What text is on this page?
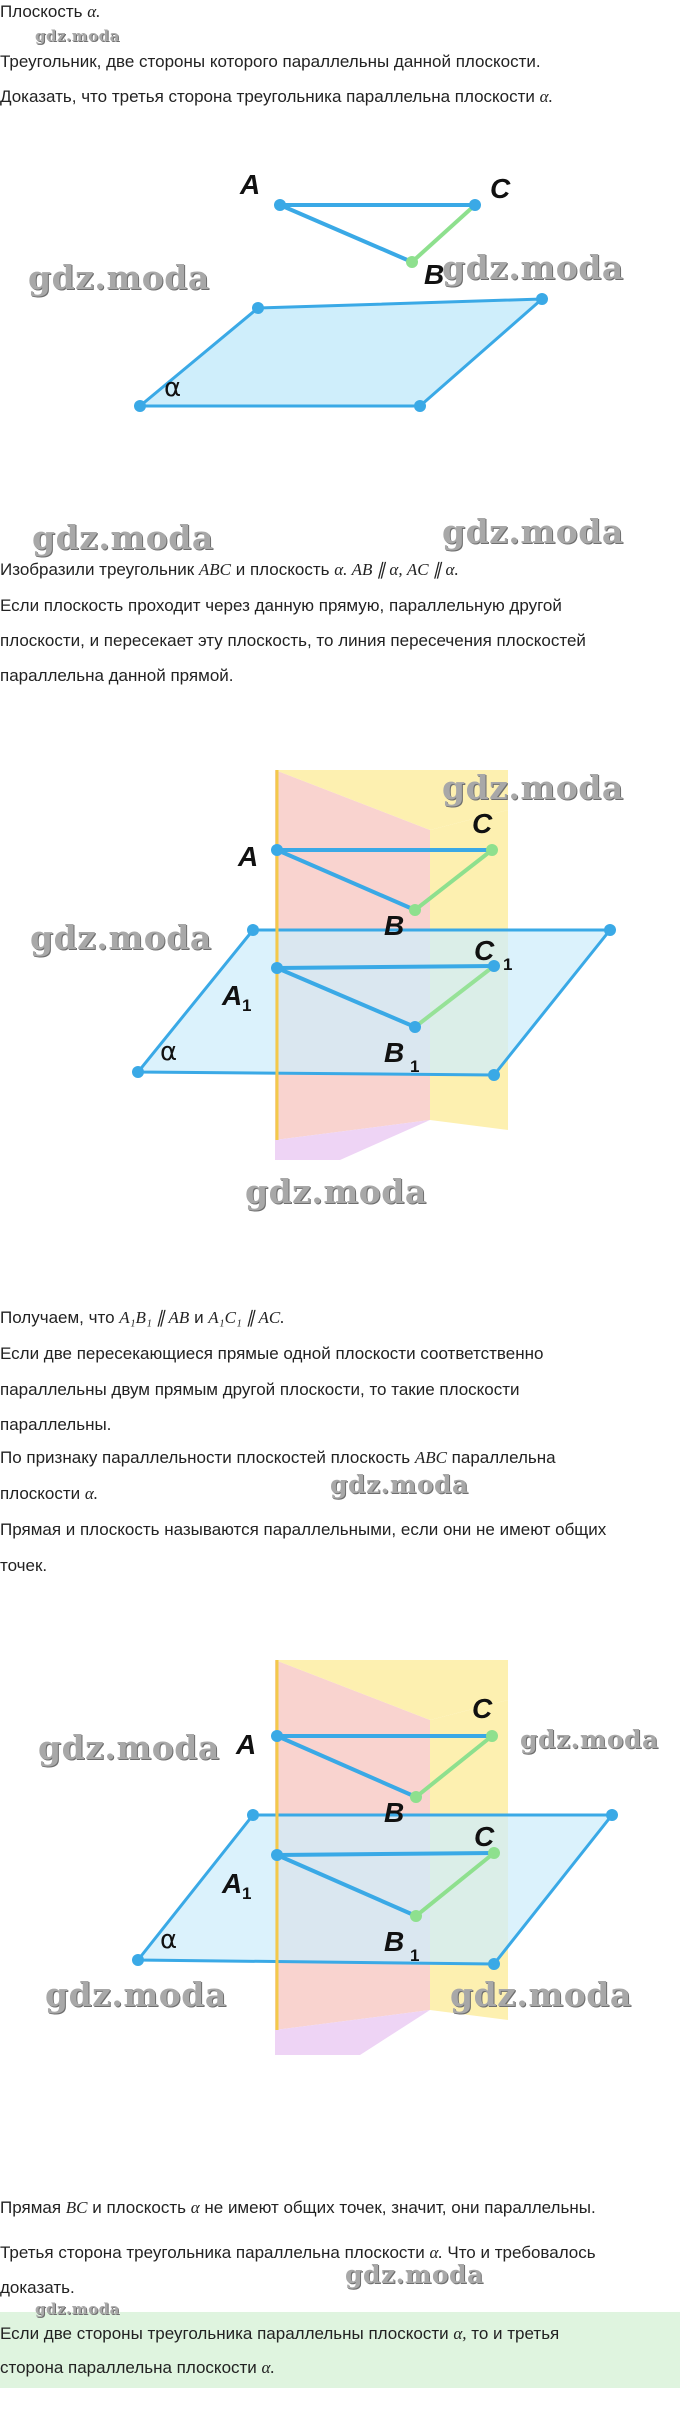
Плоскость α.
gdz.moda
Треугольник, две стороны которого параллельны данной плоскости.
Доказать, что третья сторона треугольника параллельна плоскости α.
A	C
B
α
gdz.moda	gdz.moda
gdz.moda	gdz.moda
Изобразили треугольник ABC и плоскость α. AB ∥ α, AC ∥ α.
Если плоскость проходит через данную прямую, параллельную другой
плоскости, и пересекает эту плоскость, то линия пересечения плоскостей
параллельна данной прямой.
A
C
B
C 1
A 1
B 1
α
gdz.moda
gdz.moda
gdz.moda
Получаем, что A₁B₁ ∥ AB и A₁C₁ ∥ AC.
Если две пересекающиеся прямые одной плоскости соответственно
параллельны двум прямым другой плоскости, то такие плоскости
параллельны.
По признаку параллельности плоскостей плоскость ABC параллельна
плоскости α.	gdz.moda
Прямая и плоскость называются параллельными, если они не имеют общих
точек.
A
C
B
C
A 1
B 1
α
gdz.moda	gdz.moda
gdz.moda	gdz.moda
Прямая BC и плоскость α не имеют общих точек, значит, они параллельны.
Третья сторона треугольника параллельна плоскости α. Что и требовалось
доказать.	gdz.moda
gdz.moda
Если две стороны треугольника параллельны плоскости α, то и третья
сторона параллельна плоскости α.
